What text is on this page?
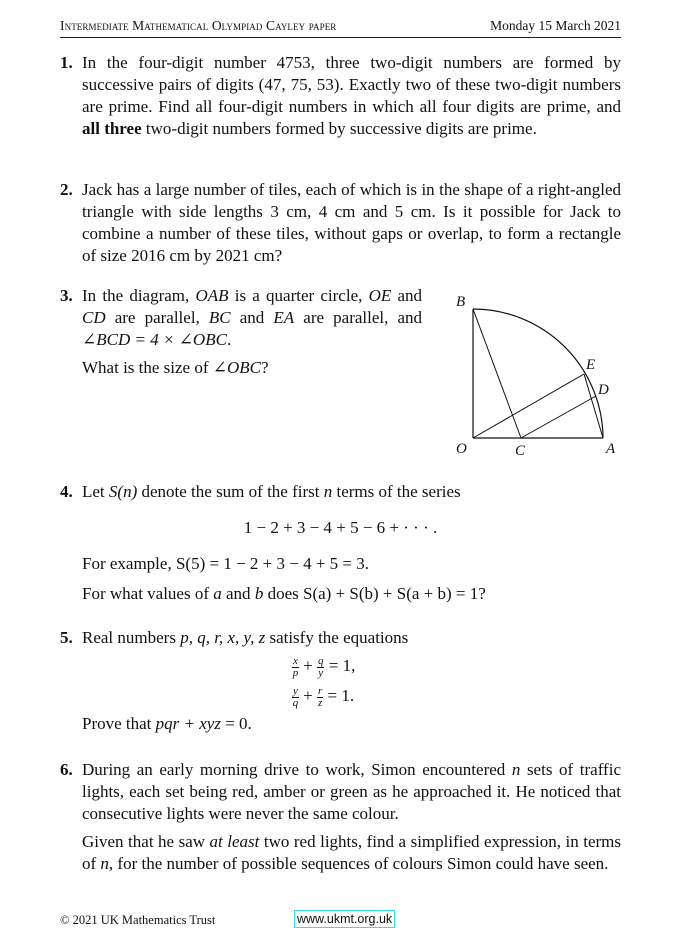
Intermediate Mathematical Olympiad Cayley paper	Monday 15 March 2021
1. In the four-digit number 4753, three two-digit numbers are formed by successive pairs of digits (47, 75, 53). Exactly two of these two-digit numbers are prime. Find all four-digit numbers in which all four digits are prime, and all three two-digit numbers formed by successive digits are prime.
2. Jack has a large number of tiles, each of which is in the shape of a right-angled triangle with side lengths 3 cm, 4 cm and 5 cm. Is it possible for Jack to combine a number of these tiles, without gaps or overlap, to form a rectangle of size 2016 cm by 2021 cm?
3. In the diagram, OAB is a quarter circle, OE and CD are parallel, BC and EA are parallel, and ∠BCD = 4 × ∠OBC.

What is the size of ∠OBC?

B
E
D
O	C	A
4. Let S(n) denote the sum of the first n terms of the series

1 − 2 + 3 − 4 + 5 − 6 + · · · .

For example, S(5) = 1 − 2 + 3 − 4 + 5 = 3.

For what values of a and b does S(a) + S(b) + S(a + b) = 1?

5. Real numbers p, q, r, x, y, z satisfy the equations

$\frac{x}{p} + \frac{q}{y} = 1$,
$\frac{y}{q} + \frac{r}{z} = 1$.

Prove that pqr + xyz = 0.

6. During an early morning drive to work, Simon encountered n sets of traffic lights, each set being red, amber or green as he approached it. He noticed that consecutive lights were never the same colour.

Given that he saw at least two red lights, find a simplified expression, in terms of n, for the number of possible sequences of colours Simon could have seen.

© 2021 UK Mathematics Trust	www.ukmt.org.uk
